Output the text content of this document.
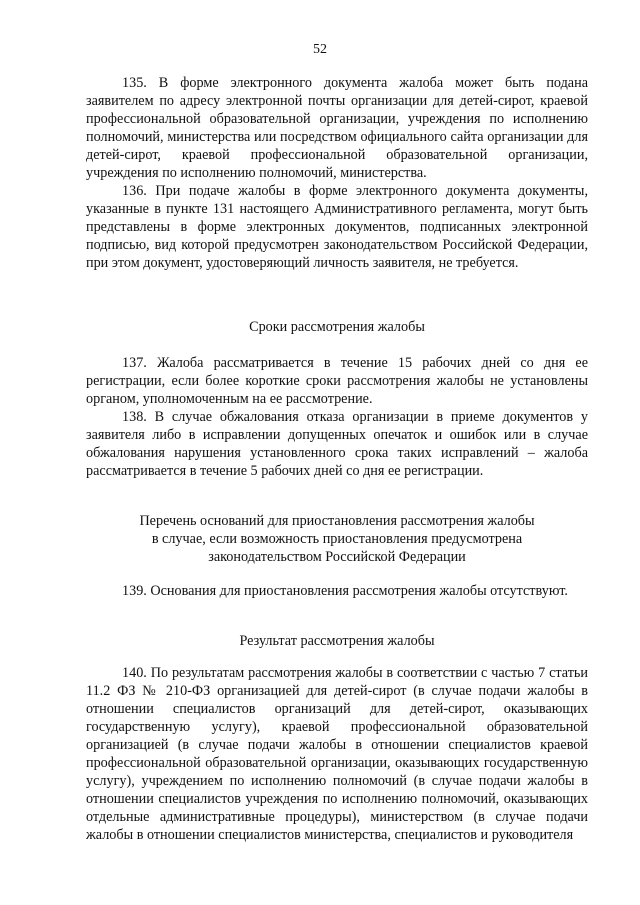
52

135. В форме электронного документа жалоба может быть подана заявителем по адресу электронной почты организации для детей-сирот, краевой профессиональной образовательной организации, учреждения по исполнению полномочий, министерства или посредством официального сайта организации для детей-сирот, краевой профессиональной образовательной организации, учреждения по исполнению полномочий, министерства.

136. При подаче жалобы в форме электронного документа документы, указанные в пункте 131 настоящего Административного регламента, могут быть представлены в форме электронных документов, подписанных электронной подписью, вид которой предусмотрен законодательством Российской Федерации, при этом документ, удостоверяющий личность заявителя, не требуется.

Сроки рассмотрения жалобы

137. Жалоба рассматривается в течение 15 рабочих дней со дня ее регистрации, если более короткие сроки рассмотрения жалобы не установлены органом, уполномоченным на ее рассмотрение.

138. В случае обжалования отказа организации в приеме документов у заявителя либо в исправлении допущенных опечаток и ошибок или в случае обжалования нарушения установленного срока таких исправлений – жалоба рассматривается в течение 5 рабочих дней со дня ее регистрации.

Перечень оснований для приостановления рассмотрения жалобы
в случае, если возможность приостановления предусмотрена
законодательством Российской Федерации

139. Основания для приостановления рассмотрения жалобы отсутствуют.

Результат рассмотрения жалобы

140. По результатам рассмотрения жалобы в соответствии с частью 7 статьи 11.2 ФЗ № 210-ФЗ организацией для детей-сирот (в случае подачи жалобы в отношении специалистов организаций для детей-сирот, оказывающих государственную услугу), краевой профессиональной образовательной организацией (в случае подачи жалобы в отношении специалистов краевой профессиональной образовательной организации, оказывающих государственную услугу), учреждением по исполнению полномочий (в случае подачи жалобы в отношении специалистов учреждения по исполнению полномочий, оказывающих отдельные административные процедуры), министерством (в случае подачи жалобы в отношении специалистов министерства, специалистов и руководителя
